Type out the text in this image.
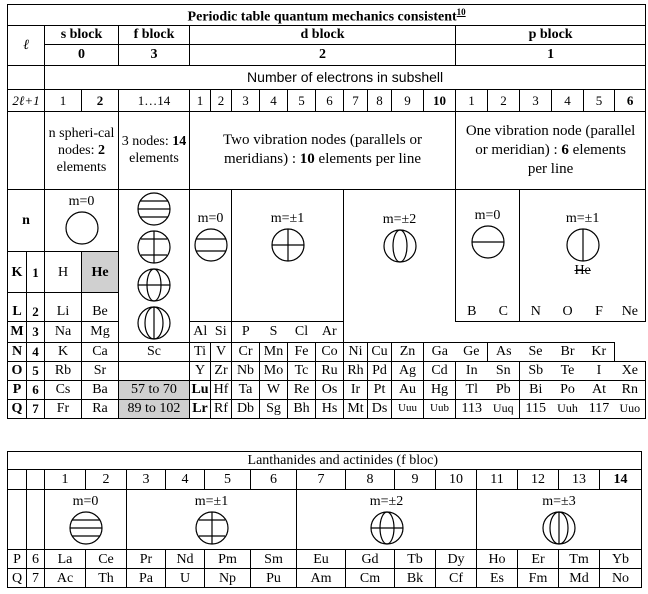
Periodic table quantum mechanics consistent$^{10}$
ℓ		s block		f block	d block										p block					
		0		3	2										1					
		Number of electrons in subshell																		
2ℓ+1		1	2	1…14	1	2	3	4	5	6	7	8	9	10	1	2	3	4	5	6
		n spheri-cal nodes: 2 elements		3 nodes: 14 elements	Two vibration nodes (parallels or meridians) : 10 elements per line										One vibration node (parallel or meridian) : 6 elements per line					
n		m=0			m=0		m=±1				m=±2				m=0		m=±1
He			

K	1	H	He																	

L	2	Li	Be												B	C	N	O	F	Ne
M	3	Na	Mg		Al	Si	P	S	Cl	Ar										
N	4	K	Ca	Sc	Ti	V	Cr	Mn	Fe	Co	Ni	Cu	Zn	Ga	Ge	As	Se	Br	Kr	
O	5	Rb	Sr		Y	Zr	Nb	Mo	Tc	Ru	Rh	Pd	Ag	Cd	In	Sn	Sb	Te	I	Xe
P	6	Cs	Ba	57 to 70	Lu	Hf	Ta	W	Re	Os	Ir	Pt	Au	Hg	Tl	Pb	Bi	Po	At	Rn
Q	7	Fr	Ra	89 to 102	Lr	Rf	Db	Sg	Bh	Hs	Mt	Ds	Uuu	Uub	113	Uuq	115	Uuh	117	Uuo
		Lanthanides and actinides (f bloc)													
		1	2	3	4	5	6	7	8	9	10	11	12	13	14

		m=0		m=±1				m=±2				m=±3			

P	6	La	Ce	Pr	Nd	Pm	Sm	Eu	Gd	Tb	Dy	Ho	Er	Tm	Yb
Q	7	Ac	Th	Pa	U	Np	Pu	Am	Cm	Bk	Cf	Es	Fm	Md	No
